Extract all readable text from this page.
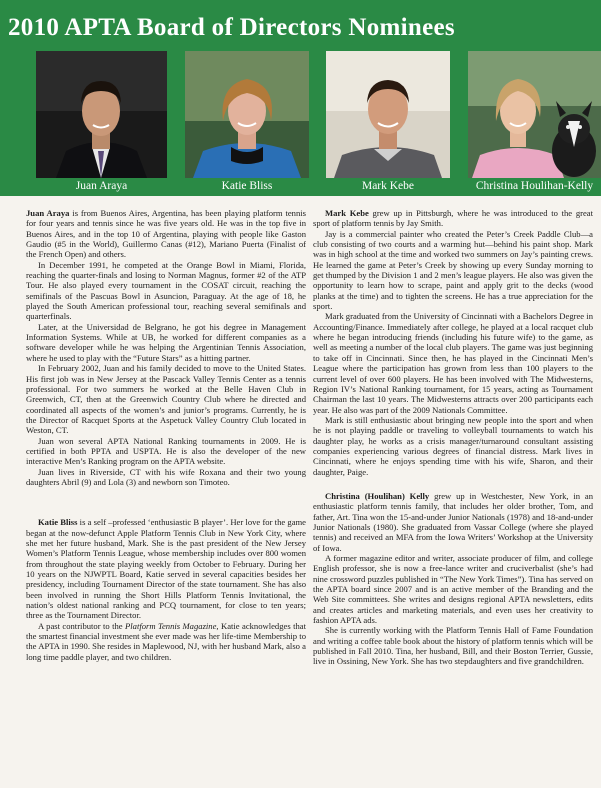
2010 APTA Board of Directors Nominees
Juan Araya	Katie Bliss	Mark Kebe	Christina Houlihan-Kelly

Juan Araya is from Buenos Aires, Argentina, has been playing platform tennis for four years and tennis since he was five years old. He was in the top five in Buenos Aires, and in the top 10 of Argentina, playing with people like Gaston Gaudio (#5 in the World), Guillermo Canas (#12), Mariano Puerta (Finalist of the French Open) and others.

In December 1991, he competed at the Orange Bowl in Miami, Florida, reaching the quarter-finals and losing to Norman Magnus, former #2 of the ATP Tour. He also played every tournament in the COSAT circuit, reaching the semifinals of the Pascuas Bowl in Asuncion, Paraguay. At the age of 18, he played the South American professional tour, reaching several semifinals and quarterfinals.

Later, at the Universidad de Belgrano, he got his degree in Management Information Systems. While at UB, he worked for different companies as a software developer while he was helping the Argentinian Tennis Association, where he used to play with the “Future Stars” as a hitting partner.

In February 2002, Juan and his family decided to move to the United States. His first job was in New Jersey at the Pascack Valley Tennis Center as a tennis professional. For two summers he worked at the Belle Haven Club in Greenwich, CT, then at the Greenwich Country Club where he directed and coordinated all aspects of the women’s and junior’s programs. Currently, he is the Director of Racquet Sports at the Aspetuck Valley Country Club located in Weston, CT.

Juan won several APTA National Ranking tournaments in 2009. He is certified in both PPTA and USPTA. He is also the developer of the new interactive Men’s Ranking program on the APTA website.

Juan lives in Riverside, CT with his wife Roxana and their two young daughters Abril (9) and Lola (3) and newborn son Timoteo.

Katie Bliss is a self –professed ‘enthusiastic B player’. Her love for the game began at the now-defunct Apple Platform Tennis Club in New York City, where she met her future husband, Mark. She is the past president of the New Jersey Women’s Platform Tennis League, whose membership includes over 800 women from throughout the state playing weekly from October to February. During her 10 years on the NJWPTL Board, Katie served in several capacities besides her presidency, including Tournament Director of the state tournament. She has also been involved in running the Short Hills Platform Tennis Invitational, the nation’s oldest national ranking and PCQ tournament, for close to ten years; three as the Tournament Director.

A past contributor to the Platform Tennis Magazine, Katie acknowledges that the smartest financial investment she ever made was her life-time Membership to the APTA in 1990. She resides in Maplewood, NJ, with her husband Mark, also a long time paddle player, and two children.

Mark Kebe grew up in Pittsburgh, where he was introduced to the great sport of platform tennis by Jay Smith.

Jay is a commercial painter who created the Peter’s Creek Paddle Club—a club consisting of two courts and a warming hut—behind his paint shop. Mark was in high school at the time and worked two summers on Jay’s painting crews. He learned the game at Peter’s Creek by showing up every Sunday morning to get thumped by the Division 1 and 2 men’s league players. He also was given the opportunity to learn how to scrape, paint and apply grit to the decks (wood planks at the time) and to tighten the screens. He has a true appreciation for the sport.

Mark graduated from the University of Cincinnati with a Bachelors Degree in Accounting/Finance. Immediately after college, he played at a local racquet club where he began introducing friends (including his future wife) to the game, as well as meeting a number of the local club players. The game was just beginning to take off in Cincinnati. Since then, he has played in the Cincinnati Men’s League where the participation has grown from less than 100 players to the current level of over 600 players. He has been involved with The Midwesterns, Region IV’s National Ranking tournament, for 15 years, acting as Tournament Chairman the last 10 years. The Midwesterns attracts over 200 participants each year. He also was part of the 2009 Nationals Committee.

Mark is still enthusiastic about bringing new people into the sport and when he is not playing paddle or traveling to volleyball tournaments to watch his daughter play, he works as a crisis manager/turnaround consultant assisting companies experiencing various degrees of financial distress. Mark lives in Cincinnati, where he enjoys spending time with his wife, Sharon, and their daughter, Paige.

Christina (Houlihan) Kelly grew up in Westchester, New York, in an enthusiastic platform tennis family, that includes her older brother, Tom, and father, Art. Tina won the 15-and-under Junior Nationals (1978) and 18-and-under Junior Nationals (1980). She graduated from Vassar College (where she played tennis) and received an MFA from the Iowa Writers’ Workshop at the University of Iowa.

A former magazine editor and writer, associate producer of film, and college English professor, she is now a free-lance writer and cruciverbalist (she’s had nine crossword puzzles published in “The New York Times”). Tina has served on the APTA board since 2007 and is an active member of the Branding and the Web Site committees. She writes and designs regional APTA newsletters, edits and creates articles and marketing materials, and even uses her creativity to fashion APTA ads.

She is currently working with the Platform Tennis Hall of Fame Foundation and writing a coffee table book about the history of platform tennis which will be published in Fall 2010. Tina, her husband, Bill, and their Boston Terrier, Gussie, live in Ossining, New York. She has two stepdaughters and five grandchildren.
